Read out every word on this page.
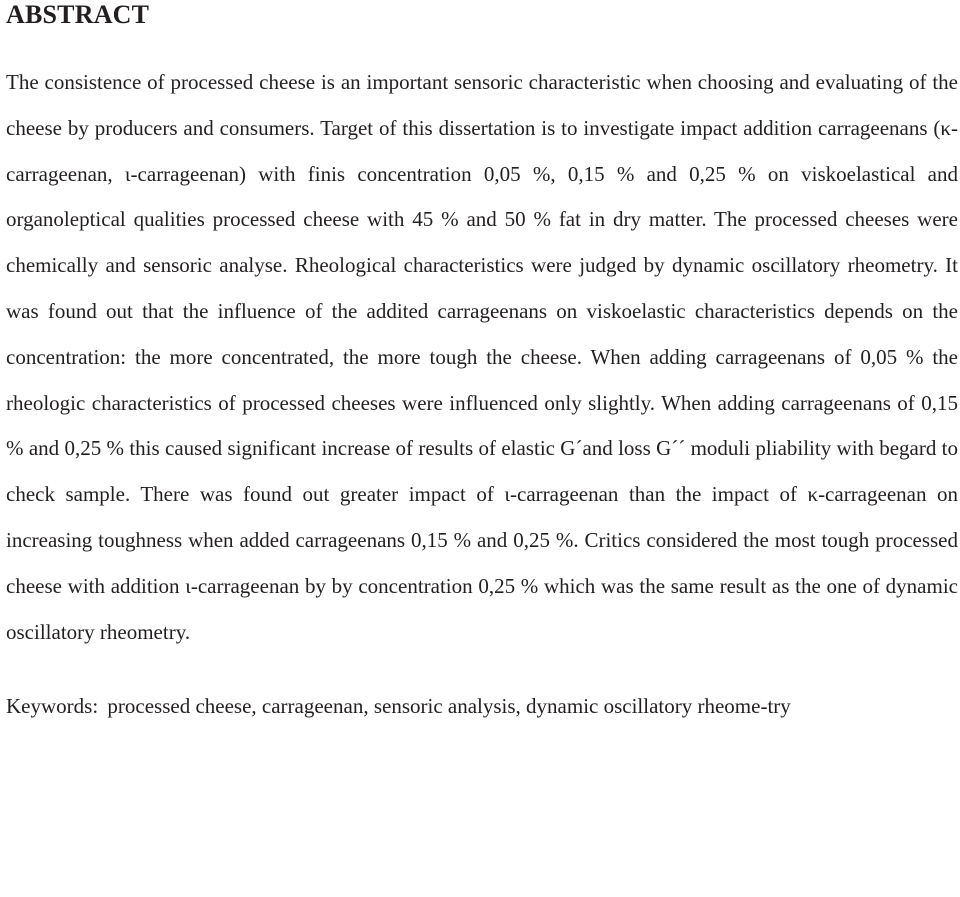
ABSTRACT

The consistence of processed cheese is an important sensoric characteristic when choosing and evaluating of the cheese by producers and consumers. Target of this dissertation is to investigate impact addition carrageenans (κ-carrageenan, ι-carrageenan) with finis concentration 0,05 %, 0,15 % and 0,25 % on viskoelastical and organoleptical qualities processed cheese with 45 % and 50 % fat in dry matter. The processed cheeses were chemically and sensoric analyse. Rheological characteristics were judged by dynamic oscillatory rheometry. It was found out that the influence of the addited carrageenans on viskoelastic characteristics depends on the concentration: the more concentrated, the more tough the cheese. When adding carrageenans of 0,05 % the rheologic characteristics of processed cheeses were influenced only slightly. When adding carrageenans of 0,15 % and 0,25 % this caused significant increase of results of elastic G´and loss G´´ moduli pliability with begard to check sample. There was found out greater impact of ι-carrageenan than the impact of κ-carrageenan on increasing toughness when added carrageenans 0,15 % and 0,25 %. Critics considered the most tough processed cheese with addition ι-carrageenan by by concentration 0,25 % which was the same result as the one of dynamic oscillatory rheometry.

Keywords: processed cheese, carrageenan, sensoric analysis, dynamic oscillatory rheome-try
